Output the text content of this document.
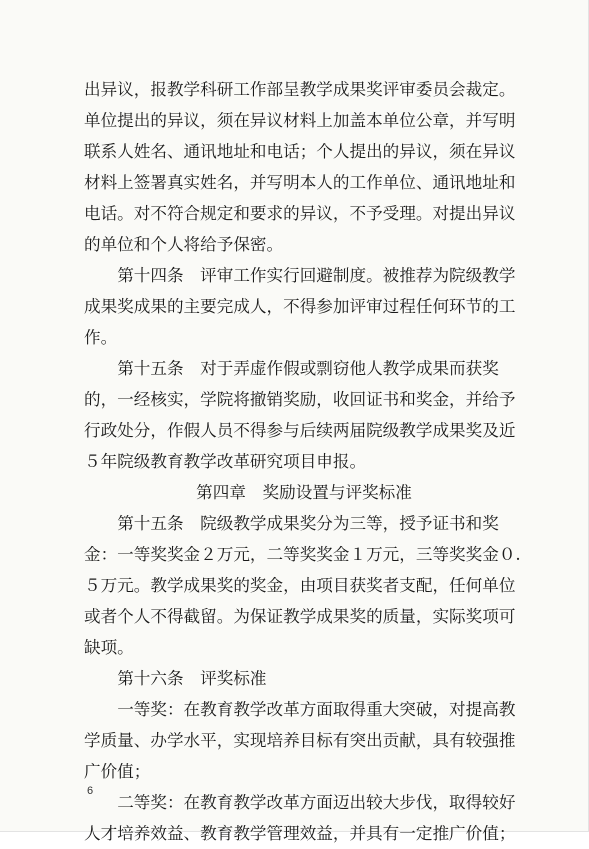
出异议，报教学科研工作部呈教学成果奖评审委员会裁定。单位提出的异议，须在异议材料上加盖本单位公章，并写明联系人姓名、通讯地址和电话；个人提出的异议，须在异议材料上签署真实姓名，并写明本人的工作单位、通讯地址和电话。对不符合规定和要求的异议，不予受理。对提出异议的单位和个人将给予保密。

第十四条　评审工作实行回避制度。被推荐为院级教学成果奖成果的主要完成人，不得参加评审过程任何环节的工作。

第十五条　对于弄虚作假或剽窃他人教学成果而获奖的，一经核实，学院将撤销奖励，收回证书和奖金，并给予行政处分，作假人员不得参与后续两届院级教学成果奖及近５年院级教育教学改革研究项目申报。

第四章　奖励设置与评奖标准

第十五条　院级教学成果奖分为三等，授予证书和奖金：一等奖奖金２万元，二等奖奖金１万元，三等奖奖金０.５万元。教学成果奖的奖金，由项目获奖者支配，任何单位或者个人不得截留。为保证教学成果奖的质量，实际奖项可缺项。

第十六条　评奖标准

一等奖：在教育教学改革方面取得重大突破，对提高教学质量、办学水平，实现培养目标有突出贡献，具有较强推广价值；

二等奖：在教育教学改革方面迈出较大步伐，取得较好人才培养效益、教育教学管理效益，并具有一定推广价值；

6
